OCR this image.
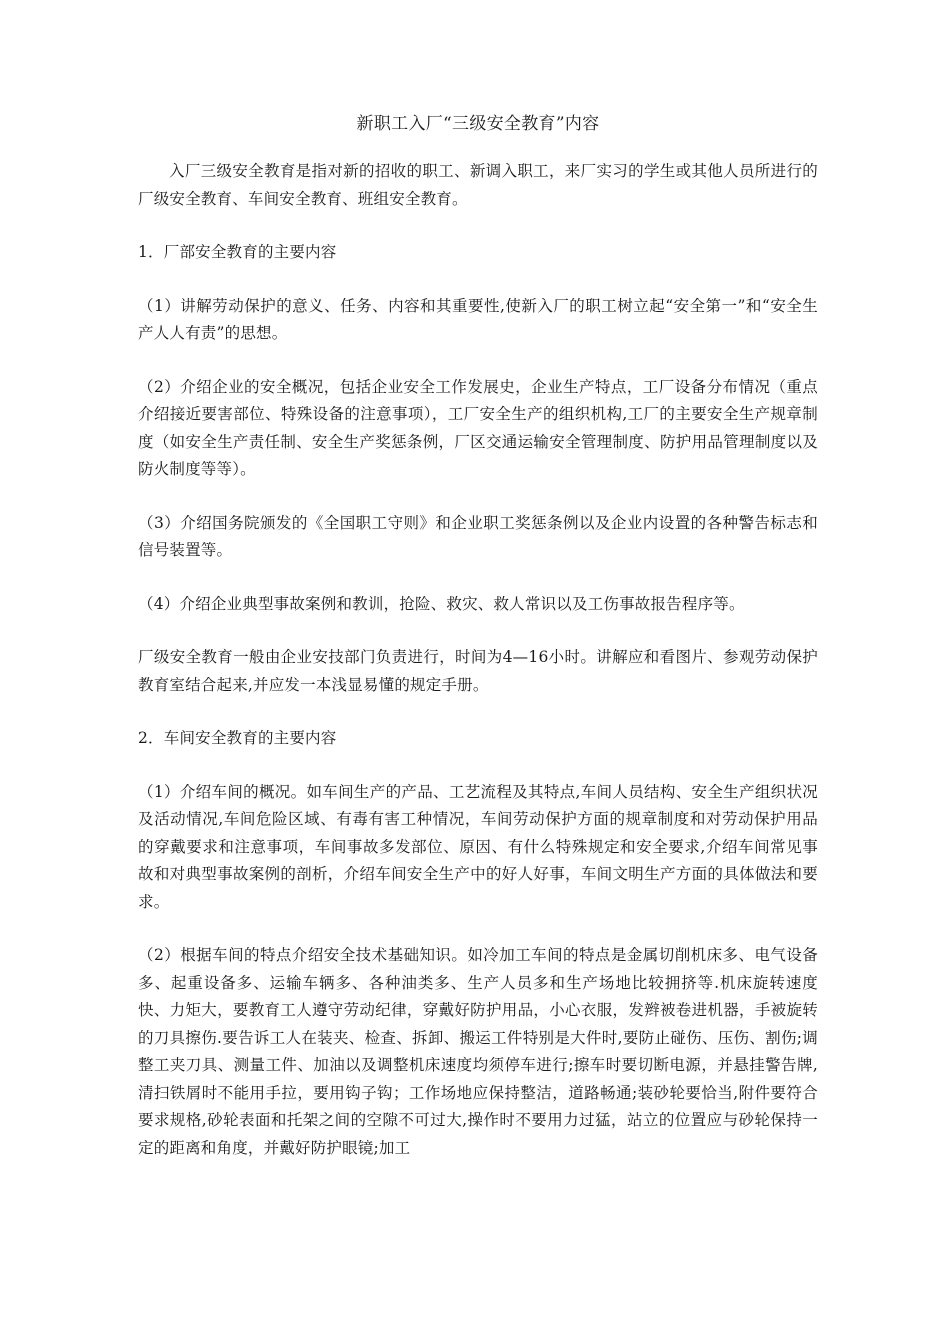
新职工入厂“三级安全教育”内容

入厂三级安全教育是指对新的招收的职工、新调入职工，来厂实习的学生或其他人员所进行的厂级安全教育、车间安全教育、班组安全教育。

1．厂部安全教育的主要内容

（1）讲解劳动保护的意义、任务、内容和其重要性,使新入厂的职工树立起“安全第一”和“安全生产人人有责”的思想。

（2）介绍企业的安全概况，包括企业安全工作发展史，企业生产特点，工厂设备分布情况（重点介绍接近要害部位、特殊设备的注意事项），工厂安全生产的组织机构,工厂的主要安全生产规章制度（如安全生产责任制、安全生产奖惩条例，厂区交通运输安全管理制度、防护用品管理制度以及防火制度等等）。

（3）介绍国务院颁发的《全国职工守则》和企业职工奖惩条例以及企业内设置的各种警告标志和信号装置等。

（4）介绍企业典型事故案例和教训，抢险、救灾、救人常识以及工伤事故报告程序等。

厂级安全教育一般由企业安技部门负责进行，时间为4—16小时。讲解应和看图片、参观劳动保护教育室结合起来,并应发一本浅显易懂的规定手册。

2．车间安全教育的主要内容

（1）介绍车间的概况。如车间生产的产品、工艺流程及其特点,车间人员结构、安全生产组织状况及活动情况,车间危险区域、有毒有害工种情况，车间劳动保护方面的规章制度和对劳动保护用品的穿戴要求和注意事项，车间事故多发部位、原因、有什么特殊规定和安全要求,介绍车间常见事故和对典型事故案例的剖析，介绍车间安全生产中的好人好事，车间文明生产方面的具体做法和要求。

（2）根据车间的特点介绍安全技术基础知识。如冷加工车间的特点是金属切削机床多、电气设备多、起重设备多、运输车辆多、各种油类多、生产人员多和生产场地比较拥挤等.机床旋转速度快、力矩大，要教育工人遵守劳动纪律，穿戴好防护用品，小心衣服，发辫被卷进机器，手被旋转的刀具擦伤.要告诉工人在装夹、检查、拆卸、搬运工件特别是大件时,要防止碰伤、压伤、割伤;调整工夹刀具、测量工件、加油以及调整机床速度均须停车进行;擦车时要切断电源，并悬挂警告牌,清扫铁屑时不能用手拉，要用钩子钩；工作场地应保持整洁，道路畅通;装砂轮要恰当,附件要符合要求规格,砂轮表面和托架之间的空隙不可过大,操作时不要用力过猛，站立的位置应与砂轮保持一定的距离和角度，并戴好防护眼镜;加工
